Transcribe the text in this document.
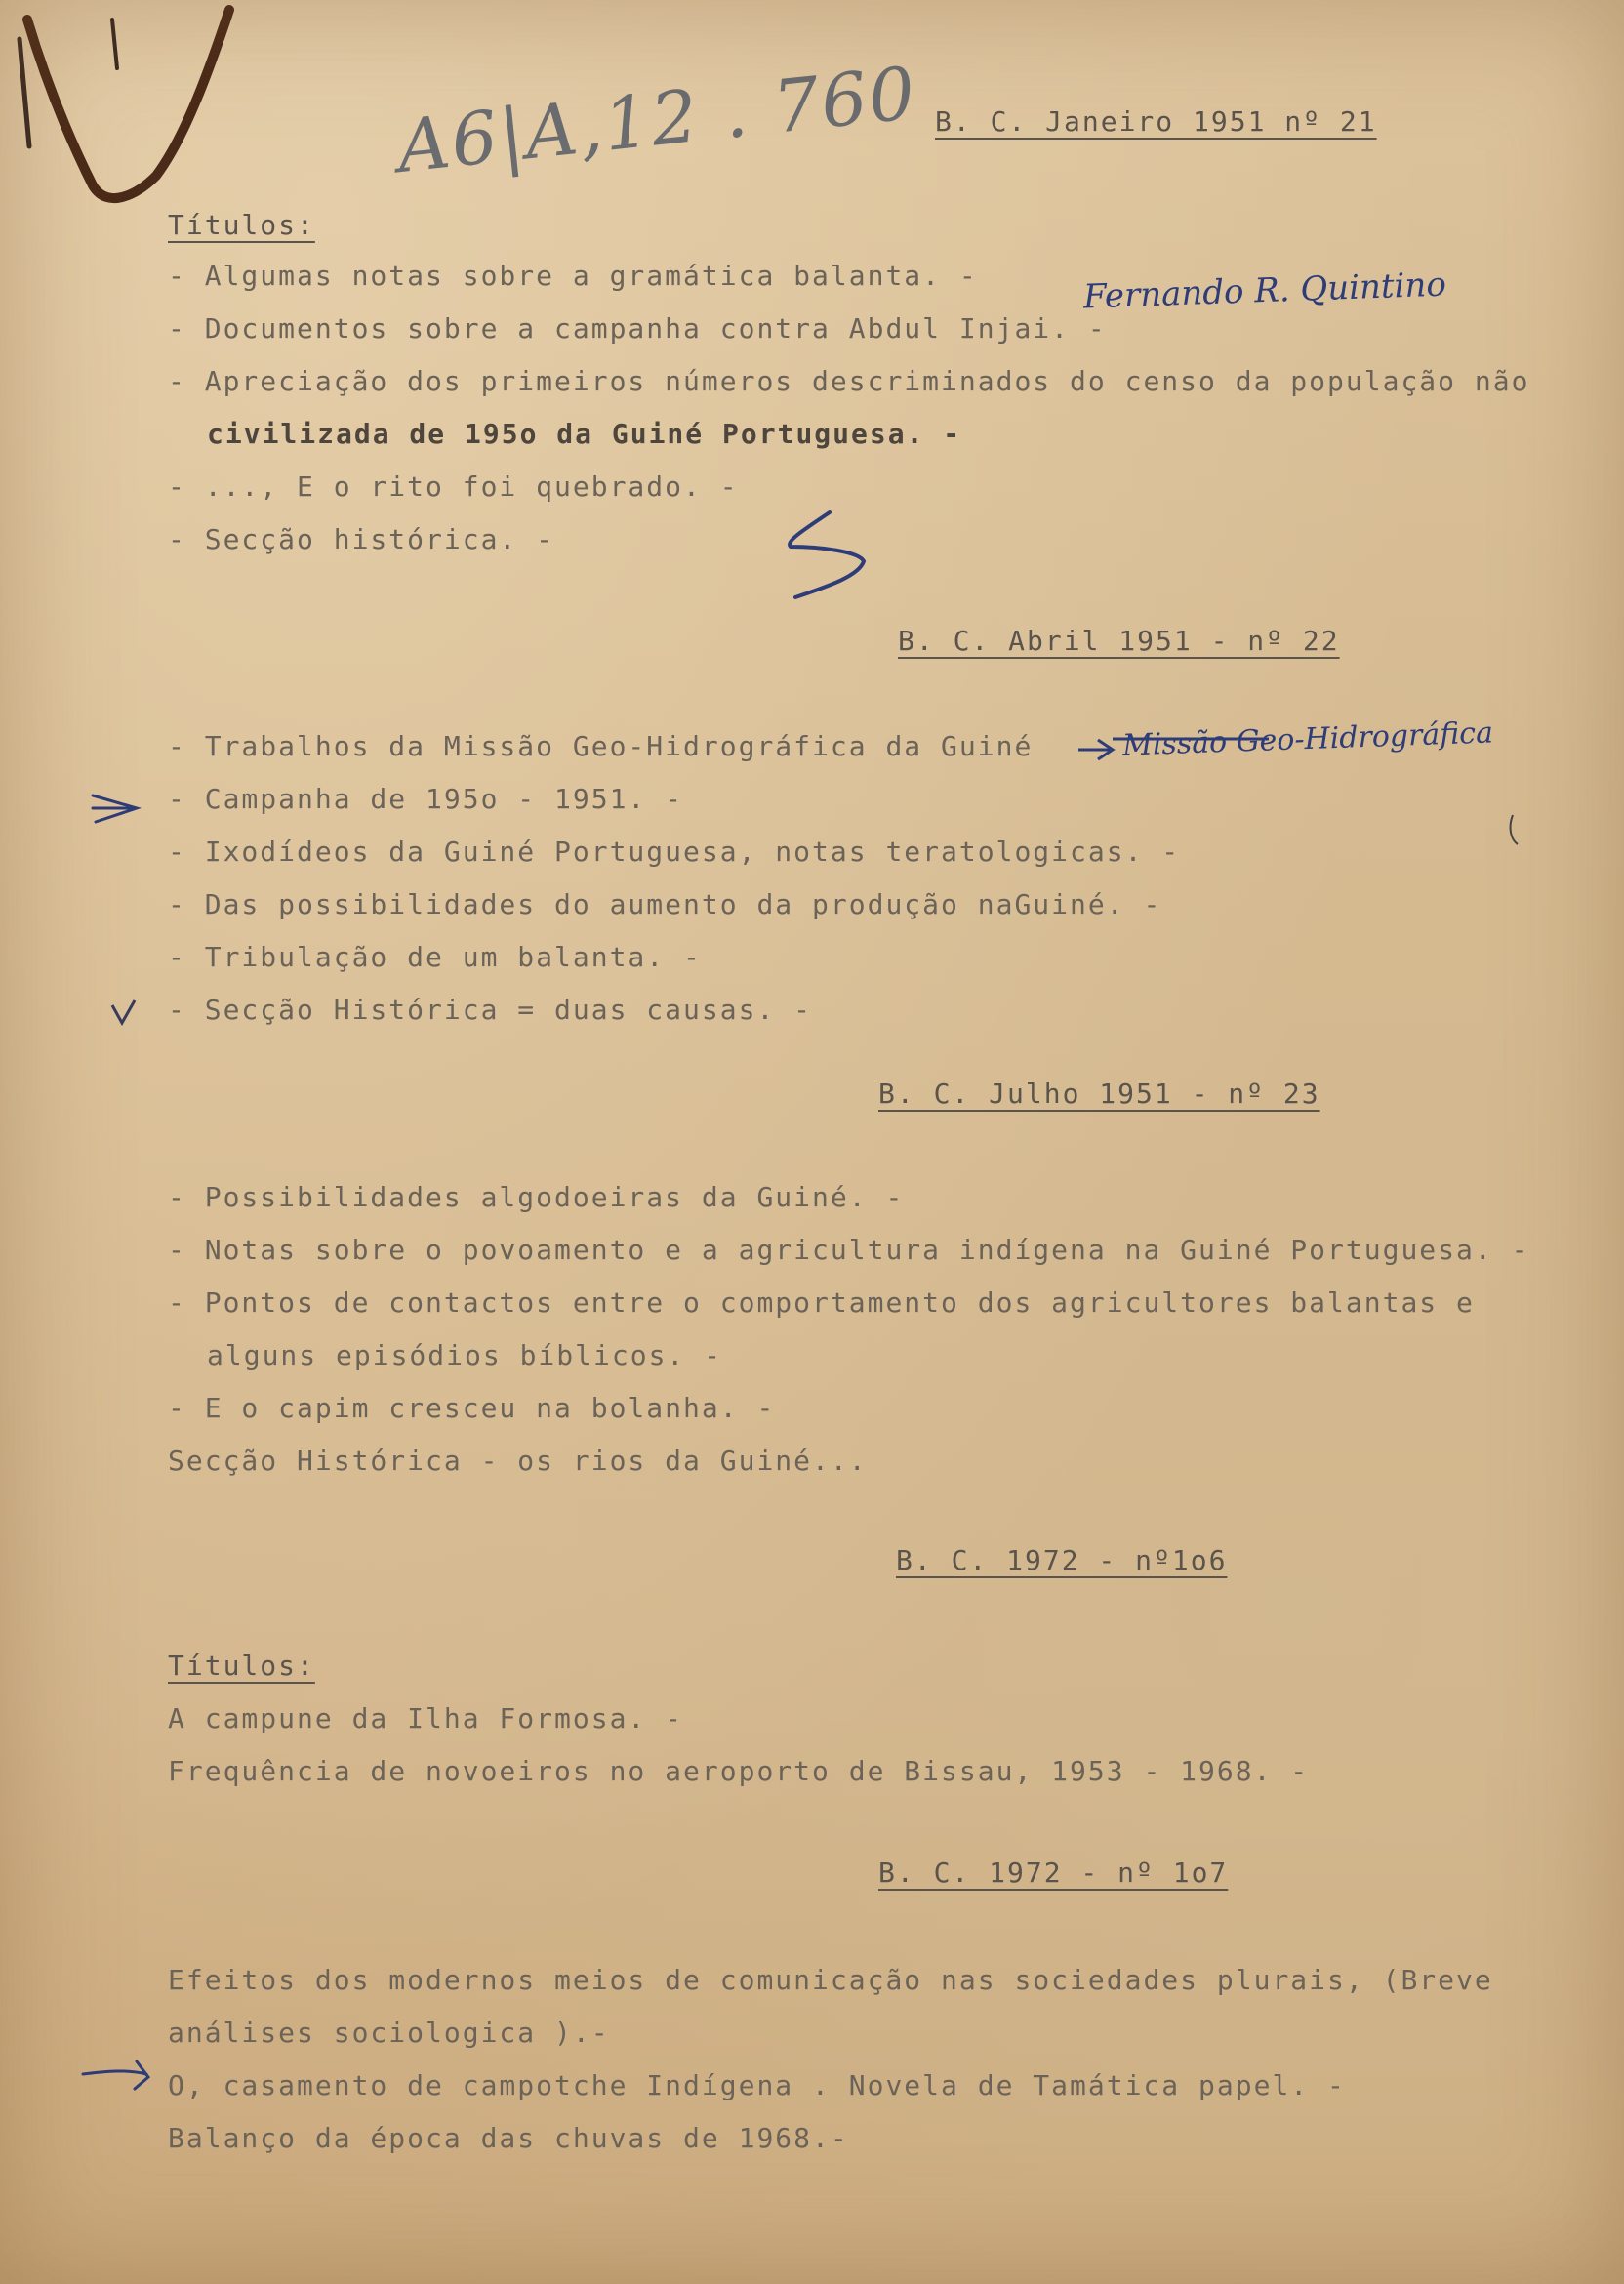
A6|A,12 . 760 B. C. Janeiro 1951 nº 21

Títulos:

- Algumas notas sobre a gramática balanta. -	Fernando R. Quintino

- Documentos sobre a campanha contra Abdul Injai. -

- Apreciação dos primeiros números descriminados do censo da população não

civilizada de 195o da Guiné Portuguesa. -

- ..., E o rito foi quebrado. -

- Secção histórica. -

B. C. Abril 1951 - nº 22

- Trabalhos da Missão Geo-Hidrográfica da Guiné	Missão Geo-Hidrográfica

- Campanha de 195o - 1951. -

- Ixodídeos da Guiné Portuguesa, notas teratologicas. -

- Das possibilidades do aumento da produção naGuiné. -

- Tribulação de um balanta. -

- Secção Histórica = duas causas. -

B. C. Julho 1951 - nº 23

- Possibilidades algodoeiras da Guiné. -

- Notas sobre o povoamento e a agricultura indígena na Guiné Portuguesa. -

- Pontos de contactos entre o comportamento dos agricultores balantas e

alguns episódios bíblicos. -

- E o capim cresceu na bolanha. -

Secção Histórica - os rios da Guiné...

B. C. 1972 - nº1o6

Títulos:

A campune da Ilha Formosa. -

Frequência de novoeiros no aeroporto de Bissau, 1953 - 1968. -

B. C. 1972 - nº 1o7

Efeitos dos modernos meios de comunicação nas sociedades plurais, (Breve

análises sociologica ).-

O, casamento de campotche Indígena . Novela de Tamática papel. -

Balanço da época das chuvas de 1968.-
